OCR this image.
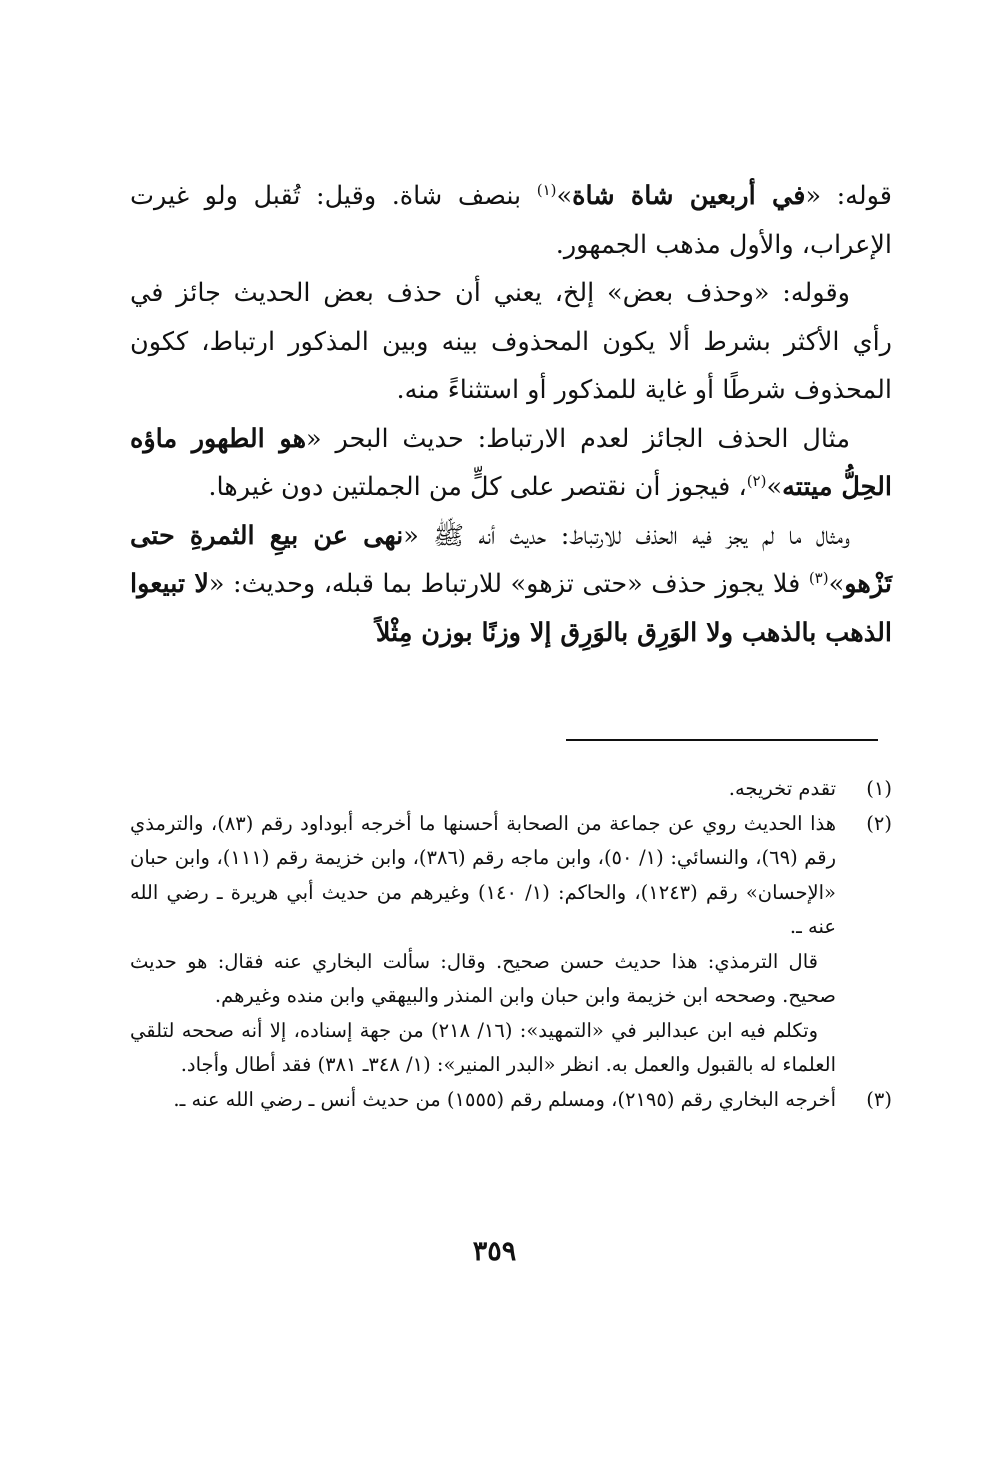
قوله: «في أربعين شاة شاة»$^{(١)}$ بنصف شاة. وقيل: تُقبل ولو غيرت الإعراب، والأول مذهب الجمهور.

وقوله: «وحذف بعض» إلخ، يعني أن حذف بعض الحديث جائز في رأي الأكثر بشرط ألا يكون المحذوف بينه وبين المذكور ارتباط، ككون المحذوف شرطًا أو غاية للمذكور أو استثناءً منه.

مثال الحذف الجائز لعدم الارتباط: حديث البحر «هو الطهور ماؤه الحِلُّ ميتته»$^{(٢)}$، فيجوز أن نقتصر على كلٍّ من الجملتين دون غيرها.

ومثال ما لم يجز فيه الحذف للارتباط: حديث أنه ﷺ «نهى عن بيعِ الثمرةِ حتى تَزْهو»$^{(٣)}$ فلا يجوز حذف «حتى تزهو» للارتباط بما قبله، وحديث: «لا تبيعوا الذهب بالذهب ولا الوَرِق بالوَرِق إلا وزنًا بوزن مِثْلاً

(١)

تقدم تخريجه.

(٢)

هذا الحديث روي عن جماعة من الصحابة أحسنها ما أخرجه أبوداود رقم (٨٣)، والترمذي رقم (٦٩)، والنسائي: (١/ ٥٠)، وابن ماجه رقم (٣٨٦)، وابن خزيمة رقم (١١١)، وابن حبان «الإحسان» رقم (١٢٤٣)، والحاكم: (١/ ١٤٠) وغيرهم من حديث أبي هريرة ـ رضي الله عنه ـ.

قال الترمذي: هذا حديث حسن صحيح. وقال: سألت البخاري عنه فقال: هو حديث صحيح. وصححه ابن خزيمة وابن حبان وابن المنذر والبيهقي وابن منده وغيرهم.

وتكلم فيه ابن عبدالبر في «التمهيد»: (١٦/ ٢١٨) من جهة إسناده، إلا أنه صححه لتلقي العلماء له بالقبول والعمل به. انظر «البدر المنير»: (١/ ٣٤٨ـ ٣٨١) فقد أطال وأجاد.

(٣)

أخرجه البخاري رقم (٢١٩٥)، ومسلم رقم (١٥٥٥) من حديث أنس ـ رضي الله عنه ـ.

٣٥٩
